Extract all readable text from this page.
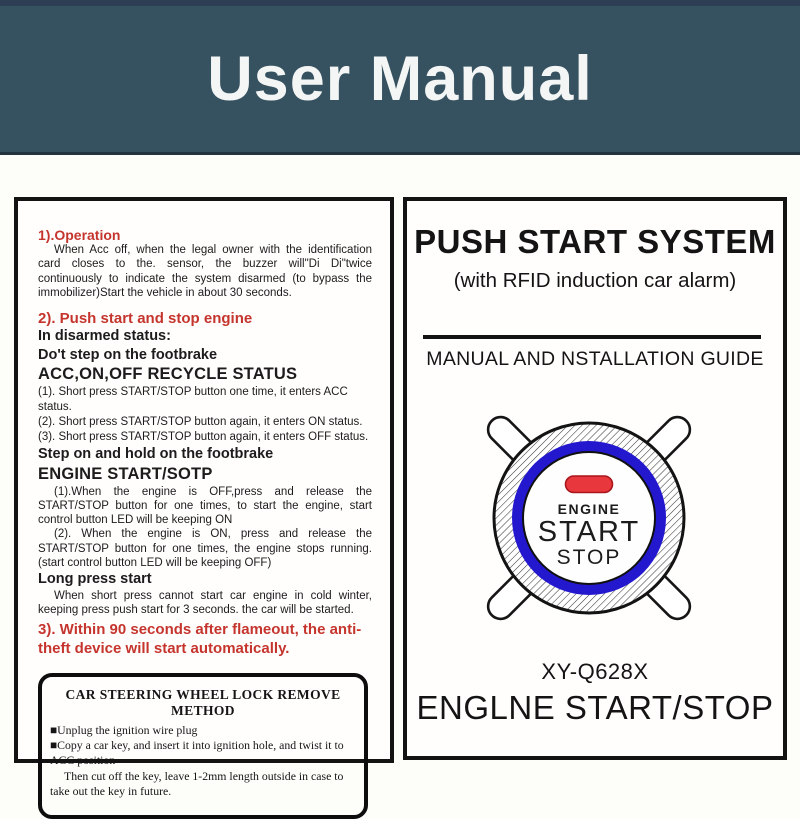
User Manual
1).Operation

When Acc off, when the legal owner with the identification card closes to the. sensor, the buzzer will"Di Di"twice continuously to indicate the system disarmed (to bypass the immobilizer)Start the vehicle in about 30 seconds.

2). Push start and stop engine
In disarmed status:
Do't step on the footbrake
ACC,ON,OFF RECYCLE STATUS

(1). Short press START/STOP button one time, it enters ACC status.

(2). Short press START/STOP button again, it enters ON status.

(3). Short press START/STOP button again, it enters OFF status.

Step on and hold on the footbrake
ENGINE START/SOTP

(1).When the engine is OFF,press and release the START/STOP button for one times, to start the engine, start control button LED will be keeping ON

(2). When the engine is ON, press and release the START/STOP button for one times, the engine stops running. (start control button LED will be keeping OFF)

Long press start

When short press cannot start car engine in cold winter, keeping press push start for 3 seconds. the car will be started.

3). Within 90 seconds after flameout, the anti-theft device will start automatically.
CAR STEERING WHEEL LOCK REMOVE METHOD

■Unplug the ignition wire plug

■Copy a car key, and insert it into ignition hole, and twist it to ACC position

Then cut off the key, leave 1-2mm length outside in case to take out the key in future.

PUSH START SYSTEM

(with RFID induction car alarm)

MANUAL AND NSTALLATION GUIDE

ENGINE
START
STOP

XY-Q628X

ENGLNE START/STOP
